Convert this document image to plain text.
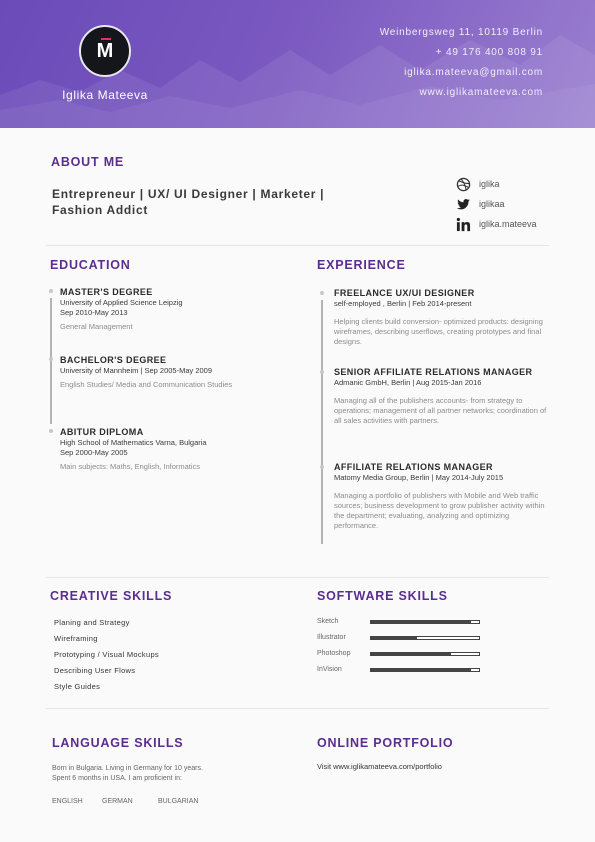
M
Iglika Mateeva
Weinbergsweg 11, 10119 Berlin
+ 49 176 400 808 91
iglika.mateeva@gmail.com
www.iglikamateeva.com
ABOUT ME
Entrepreneur | UX/ UI Designer | Marketer |
Fashion Addict
iglika
iglikaa
iglika.mateeva
EDUCATION
MASTER'S DEGREE
University of Applied Science Leipzig
Sep 2010-May 2013
General Management
BACHELOR'S DEGREE
University of Mannheim | Sep 2005-May 2009
English Studies/ Media and Communication Studies
ABITUR DIPLOMA
High School of Mathematics Varna, Bulgaria
Sep 2000-May 2005
Main subjects: Maths, English, Informatics
EXPERIENCE
FREELANCE UX/UI DESIGNER
self-employed , Berlin | Feb 2014-present
Helping clients build conversion- optimized products: designing wireframes, describing userflows, creating prototypes and final designs.
SENIOR AFFILIATE RELATIONS MANAGER
Admanic GmbH, Berlin | Aug 2015-Jan 2016
Managing all of the publishers accounts- from strategy to operations; management of all partner networks; coordination of all sales activities with partners.
AFFILIATE RELATIONS MANAGER
Matomy Media Group, Berlin | May 2014-July 2015
Managing a portfolio of publishers with Mobile and Web traffic sources; business development to grow publisher activity within the department; evaluating, analyzing and optimizing performance.
CREATIVE SKILLS
Planing and Strategy
Wireframing
Prototyping / Visual Mockups
Describing User Flows
Style Guides
SOFTWARE SKILLS
Sketch
Illustrator
Photoshop
InVision
LANGUAGE SKILLS
Born in Bulgaria. Living in Germany for 10 years.
Spent 6 months in USA. I am proficient in:
ENGLISH	GERMAN	BULGARIAN
ONLINE PORTFOLIO
Visit www.iglikamateeva.com/portfolio
